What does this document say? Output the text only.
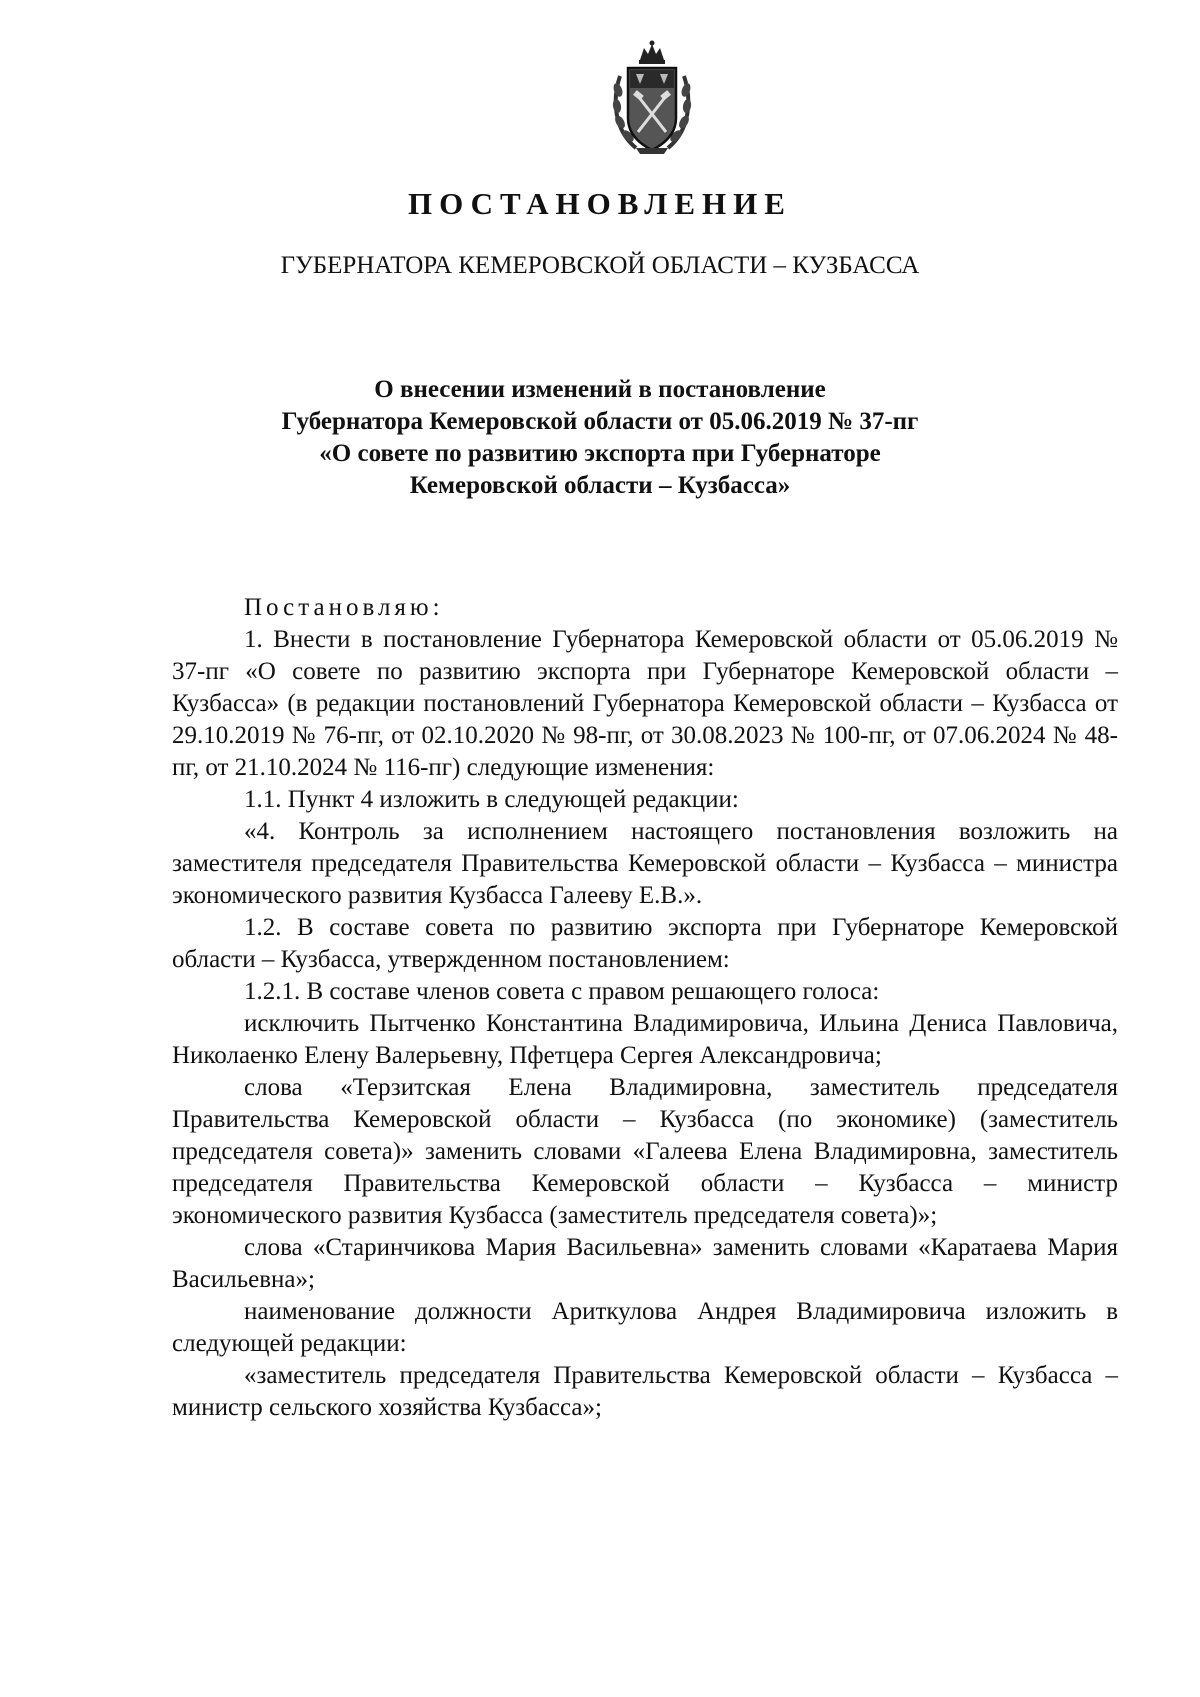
ПОСТАНОВЛЕНИЕ
ГУБЕРНАТОРА КЕМЕРОВСКОЙ ОБЛАСТИ – КУЗБАССА
О внесении изменений в постановление
Губернатора Кемеровской области от 05.06.2019 № 37-пг
«О совете по развитию экспорта при Губернаторе
Кемеровской области – Кузбасса»

Постановляю:

1. Внести в постановление Губернатора Кемеровской области от 05.06.2019 № 37-пг «О совете по развитию экспорта при Губернаторе Кемеровской области – Кузбасса» (в редакции постановлений Губернатора Кемеровской области – Кузбасса от 29.10.2019 № 76-пг, от 02.10.2020 № 98-пг, от 30.08.2023 № 100-пг, от 07.06.2024 № 48-пг, от 21.10.2024 № 116-пг) следующие изменения:

1.1. Пункт 4 изложить в следующей редакции:

«4. Контроль за исполнением настоящего постановления возложить на заместителя председателя Правительства Кемеровской области – Кузбасса – министра экономического развития Кузбасса Галееву Е.В.».

1.2. В составе совета по развитию экспорта при Губернаторе Кемеровской области – Кузбасса, утвержденном постановлением:

1.2.1. В составе членов совета с правом решающего голоса:

исключить Пытченко Константина Владимировича, Ильина Дениса Павловича, Николаенко Елену Валерьевну, Пфетцера Сергея Александровича;

слова «Терзитская Елена Владимировна, заместитель председателя Правительства Кемеровской области – Кузбасса (по экономике) (заместитель председателя совета)» заменить словами «Галеева Елена Владимировна, заместитель председателя Правительства Кемеровской области – Кузбасса – министр экономического развития Кузбасса (заместитель председателя совета)»;

слова «Старинчикова Мария Васильевна» заменить словами «Каратаева Мария Васильевна»;

наименование должности Ариткулова Андрея Владимировича изложить в следующей редакции:

«заместитель председателя Правительства Кемеровской области – Кузбасса – министр сельского хозяйства Кузбасса»;
